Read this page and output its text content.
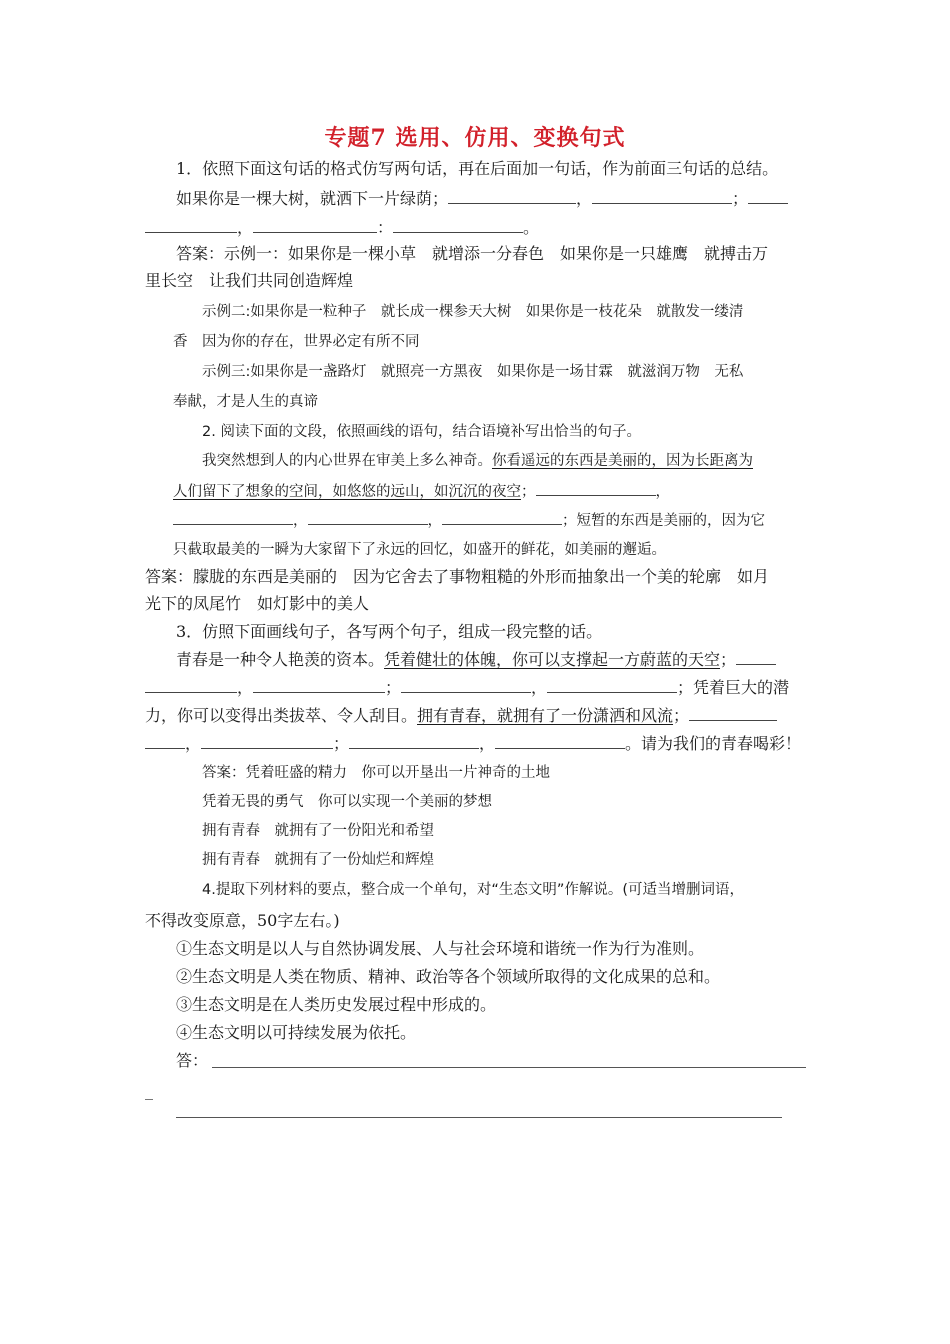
专题7 选用、仿用、变换句式
1．依照下面这句话的格式仿写两句话，再在后面加一句话，作为前面三句话的总结。
如果你是一棵大树，就洒下一片绿荫；	，	；
，	：	。
答案：示例一：如果你是一棵小草　就增添一分春色　如果你是一只雄鹰　就搏击万
里长空　让我们共同创造辉煌
示例二:如果你是一粒种子　就长成一棵参天大树　如果你是一枝花朵　就散发一缕清
香　因为你的存在，世界必定有所不同
示例三:如果你是一盏路灯　就照亮一方黑夜　如果你是一场甘霖　就滋润万物　无私
奉献，才是人生的真谛
2. 阅读下面的文段，依照画线的语句，结合语境补写出恰当的句子。
我突然想到人的内心世界在审美上多么神奇。你看遥远的东西是美丽的，因为长距离为
人们留下了想象的空间，如悠悠的远山，如沉沉的夜空；	，
，	，	；短暂的东西是美丽的，因为它
只截取最美的一瞬为大家留下了永远的回忆，如盛开的鲜花，如美丽的邂逅。
答案：朦胧的东西是美丽的　因为它舍去了事物粗糙的外形而抽象出一个美的轮廓　如月
光下的凤尾竹　如灯影中的美人
3．仿照下面画线句子，各写两个句子，组成一段完整的话。
青春是一种令人艳羡的资本。凭着健壮的体魄，你可以支撑起一方蔚蓝的天空；
，	；	，	；凭着巨大的潜
力，你可以变得出类拔萃、令人刮目。拥有青春，就拥有了一份潇洒和风流；
，	；	，	。请为我们的青春喝彩！
答案：凭着旺盛的精力　你可以开垦出一片神奇的土地
凭着无畏的勇气　你可以实现一个美丽的梦想
拥有青春　就拥有了一份阳光和希望
拥有青春　就拥有了一份灿烂和辉煌
4.提取下列材料的要点，整合成一个单句，对“生态文明”作解说。(可适当增删词语，
不得改变原意，50字左右。)
①生态文明是以人与自然协调发展、人与社会环境和谐统一作为行为准则。
②生态文明是人类在物质、精神、政治等各个领域所取得的文化成果的总和。
③生态文明是在人类历史发展过程中形成的。
④生态文明以可持续发展为依托。
答：
_
